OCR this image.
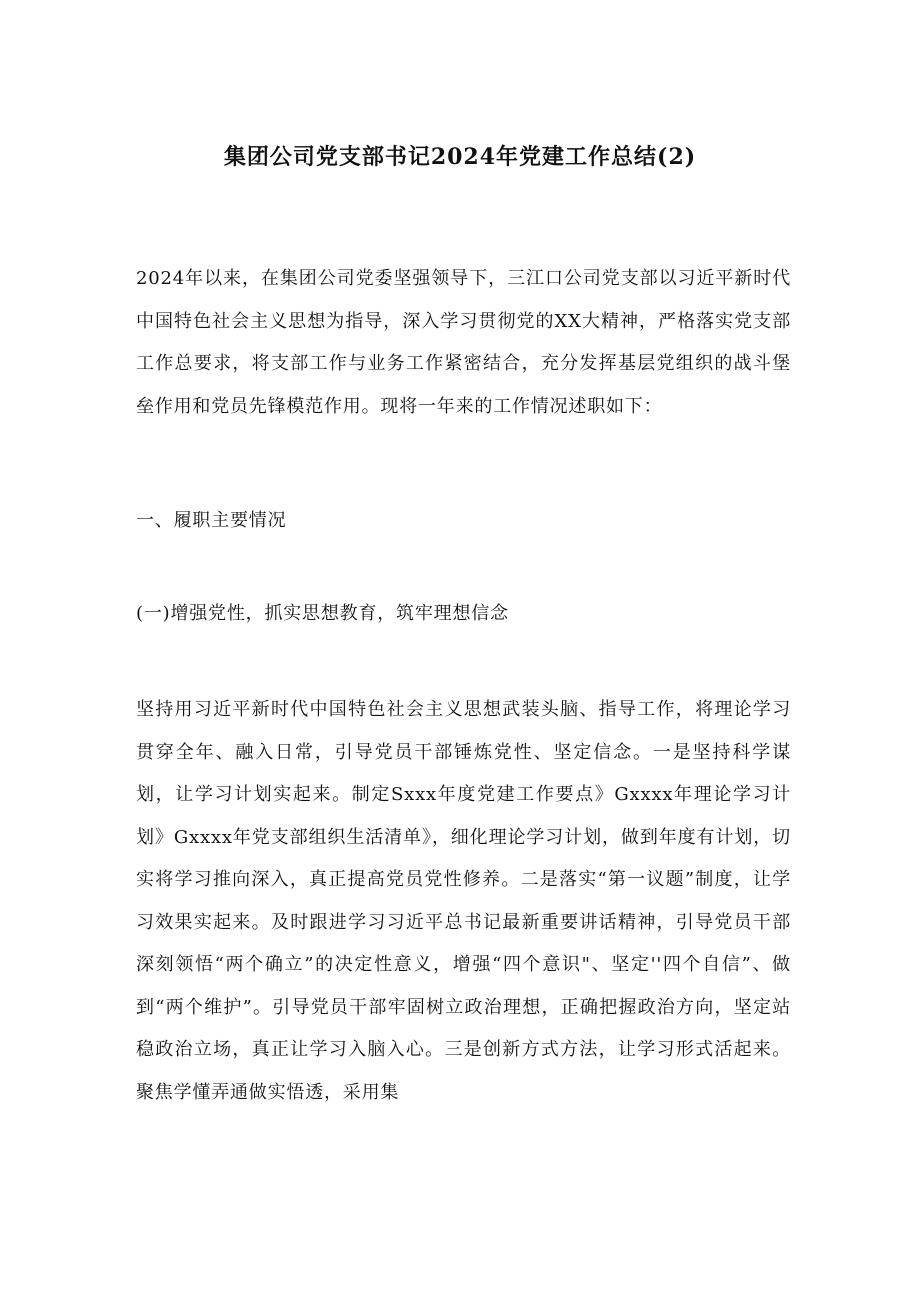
集团公司党支部书记2024年党建工作总结(2)

2024年以来，在集团公司党委坚强领导下，三江口公司党支部以习近平新时代中国特色社会主义思想为指导，深入学习贯彻党的XX大精神，严格落实党支部工作总要求，将支部工作与业务工作紧密结合，充分发挥基层党组织的战斗堡垒作用和党员先锋模范作用。现将一年来的工作情况述职如下：

一、履职主要情况

(一)增强党性，抓实思想教育，筑牢理想信念

坚持用习近平新时代中国特色社会主义思想武装头脑、指导工作，将理论学习贯穿全年、融入日常，引导党员干部锤炼党性、坚定信念。一是坚持科学谋划，让学习计划实起来。制定Sxxx年度党建工作要点》Gxxxx年理论学习计划》Gxxxx年党支部组织生活清单》，细化理论学习计划，做到年度有计划，切实将学习推向深入，真正提高党员党性修养。二是落实“第一议题”制度，让学习效果实起来。及时跟进学习习近平总书记最新重要讲话精神，引导党员干部深刻领悟“两个确立”的决定性意义，增强“四个意识"、坚定''四个自信”、做到“两个维护”。引导党员干部牢固树立政治理想，正确把握政治方向，坚定站稳政治立场，真正让学习入脑入心。三是创新方式方法，让学习形式活起来。聚焦学懂弄通做实悟透，采用集
